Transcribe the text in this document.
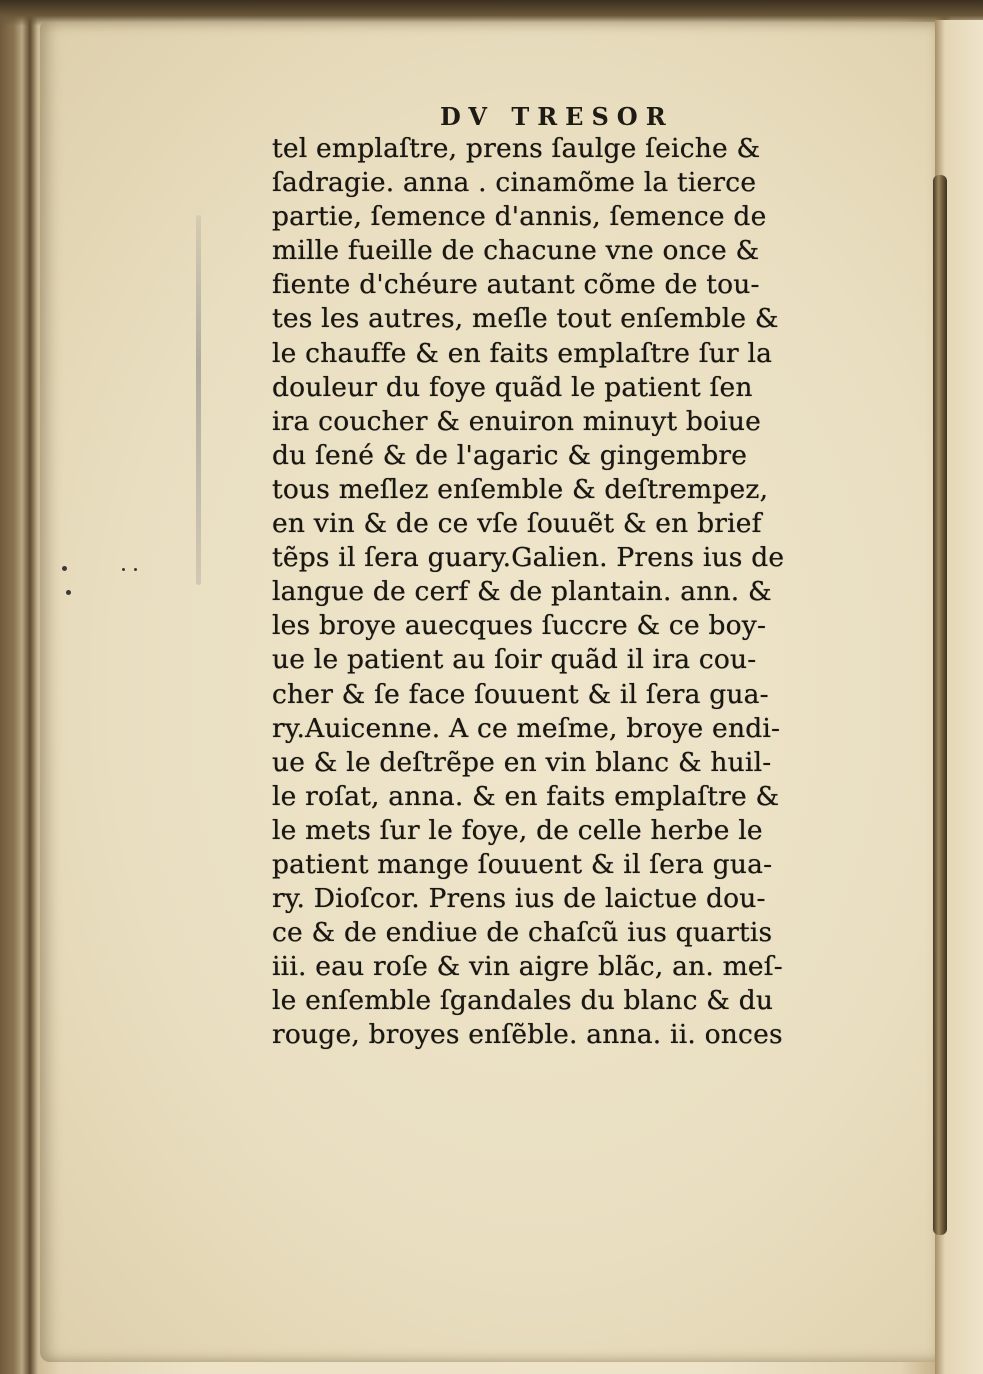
DV TRESOR

tel emplaſtre, prens ſaulge ſeiche &
ſadragie. anna . cinamõme la tierce
partie, ſemence d'annis, ſemence de
mille fueille de chacune vne once &
fiente d'chéure autant cõme de tou-
tes les autres, meſle tout enſemble &
le chauffe & en faits emplaſtre ſur la
douleur du foye quãd le patient ſen
ira coucher & enuiron minuyt boiue
du ſené & de l'agaric & gingembre
tous meſlez enſemble & deſtrempez,
en vin & de ce vſe ſouuẽt & en brief
tẽps il ſera guary.Galien. Prens ius de
langue de cerf & de plantain. ann. &
les broye auecques ſuccre & ce boy-
ue le patient au ſoir quãd il ira cou-
cher & ſe face ſouuent & il ſera gua-
ry.Auicenne. A ce meſme, broye endi-
ue & le deſtrẽpe en vin blanc & huil-
le roſat, anna. & en faits emplaſtre &
le mets ſur le foye, de celle herbe le
patient mange ſouuent & il ſera gua-
ry. Dioſcor. Prens ius de laictue dou-
ce & de endiue de chaſcũ ius quartis
iii. eau roſe & vin aigre blãc, an. meſ-
le enſemble ſgandales du blanc & du
rouge, broyes enſẽble. anna. ii. onces
